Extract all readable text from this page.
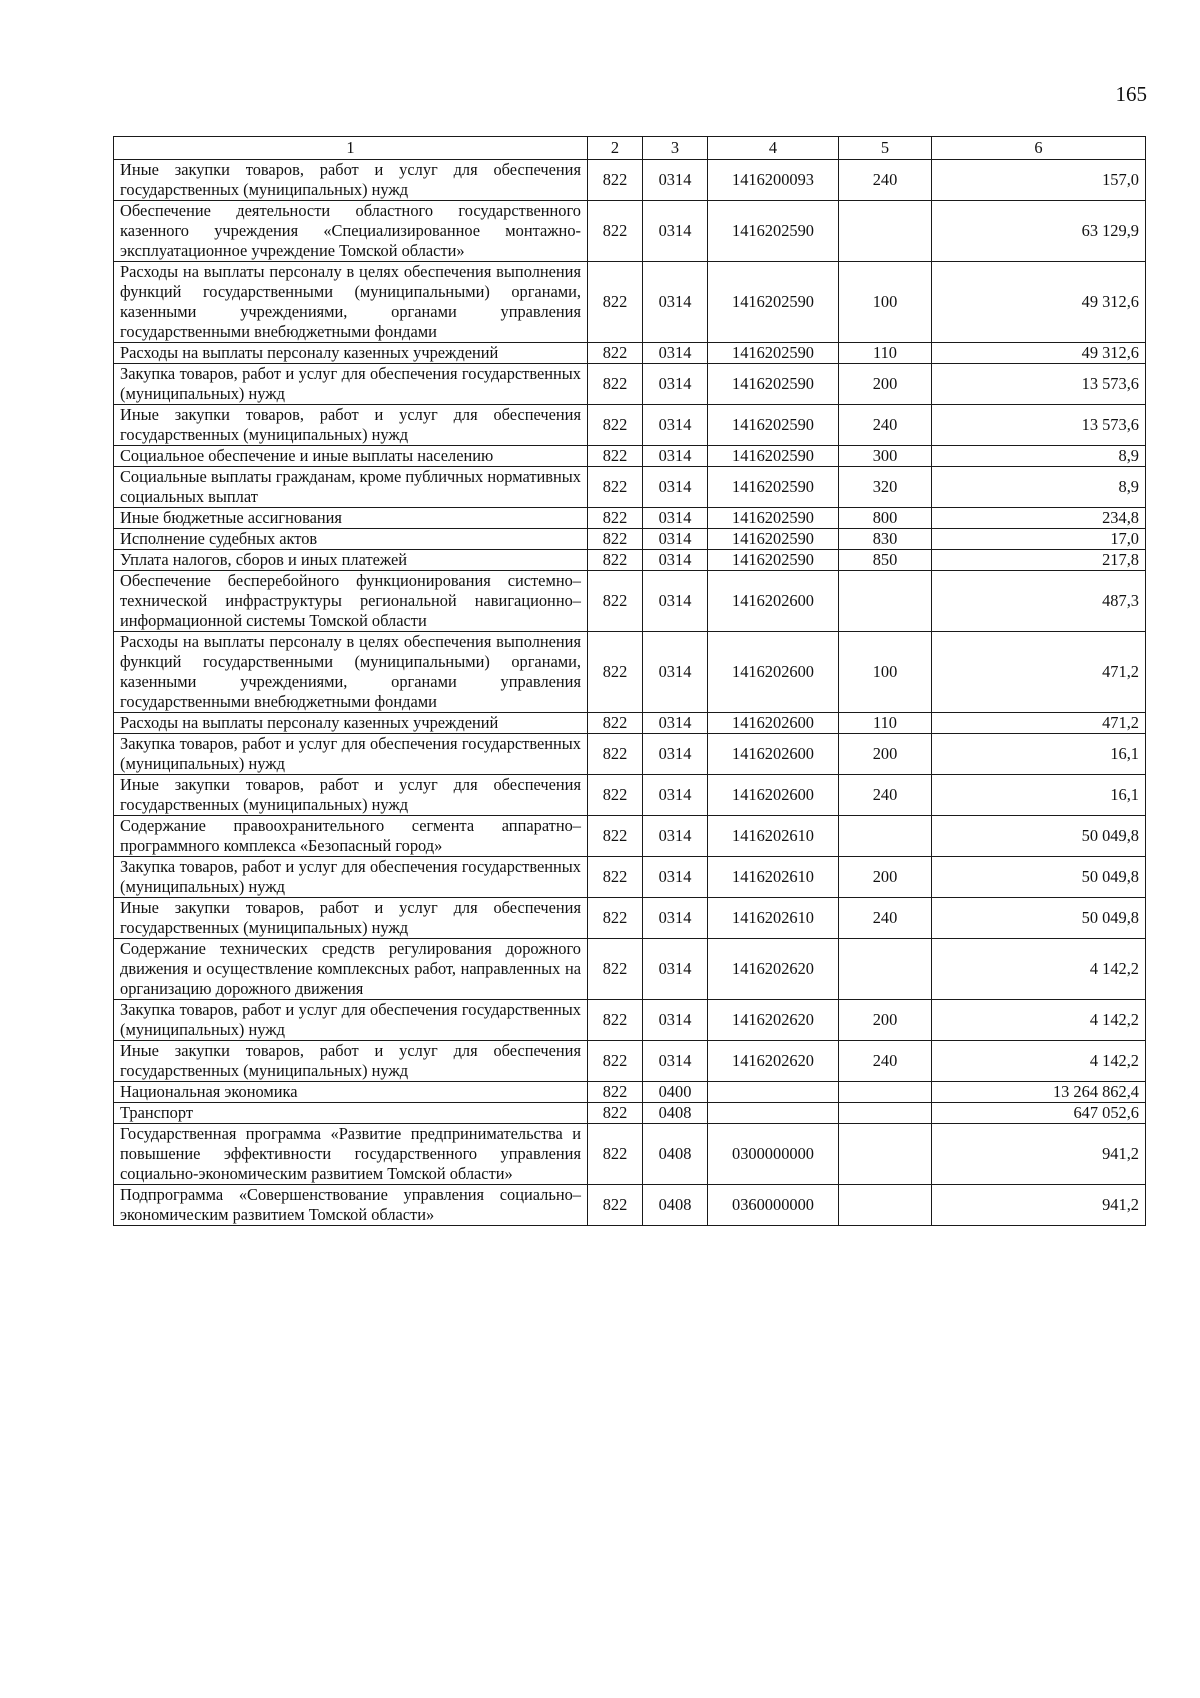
165
1	2	3	4	5	6
Иные закупки товаров, работ и услуг для обеспечения государственных (муниципальных) нужд	822	0314	1416200093	240	157,0
Обеспечение деятельности областного государственного казенного учреждения «Специализированное монтажно-эксплуатационное учреждение Томской области»	822	0314	1416202590		63 129,9
Расходы на выплаты персоналу в целях обеспечения выполнения функций государственными (муниципальными) органами, казенными учреждениями, органами управления государственными внебюджетными фондами	822	0314	1416202590	100	49 312,6
Расходы на выплаты персоналу казенных учреждений	822	0314	1416202590	110	49 312,6
Закупка товаров, работ и услуг для обеспечения государственных (муниципальных) нужд	822	0314	1416202590	200	13 573,6
Иные закупки товаров, работ и услуг для обеспечения государственных (муниципальных) нужд	822	0314	1416202590	240	13 573,6
Социальное обеспечение и иные выплаты населению	822	0314	1416202590	300	8,9
Социальные выплаты гражданам, кроме публичных нормативных социальных выплат	822	0314	1416202590	320	8,9
Иные бюджетные ассигнования	822	0314	1416202590	800	234,8
Исполнение судебных актов	822	0314	1416202590	830	17,0
Уплата налогов, сборов и иных платежей	822	0314	1416202590	850	217,8
Обеспечение бесперебойного функционирования системно–технической инфраструктуры региональной навигационно–информационной системы Томской области	822	0314	1416202600		487,3
Расходы на выплаты персоналу в целях обеспечения выполнения функций государственными (муниципальными) органами, казенными учреждениями, органами управления государственными внебюджетными фондами	822	0314	1416202600	100	471,2
Расходы на выплаты персоналу казенных учреждений	822	0314	1416202600	110	471,2
Закупка товаров, работ и услуг для обеспечения государственных (муниципальных) нужд	822	0314	1416202600	200	16,1
Иные закупки товаров, работ и услуг для обеспечения государственных (муниципальных) нужд	822	0314	1416202600	240	16,1
Содержание правоохранительного сегмента аппаратно–программного комплекса «Безопасный город»	822	0314	1416202610		50 049,8
Закупка товаров, работ и услуг для обеспечения государственных (муниципальных) нужд	822	0314	1416202610	200	50 049,8
Иные закупки товаров, работ и услуг для обеспечения государственных (муниципальных) нужд	822	0314	1416202610	240	50 049,8
Содержание технических средств регулирования дорожного движения и осуществление комплексных работ, направленных на организацию дорожного движения	822	0314	1416202620		4 142,2
Закупка товаров, работ и услуг для обеспечения государственных (муниципальных) нужд	822	0314	1416202620	200	4 142,2
Иные закупки товаров, работ и услуг для обеспечения государственных (муниципальных) нужд	822	0314	1416202620	240	4 142,2
Национальная экономика	822	0400			13 264 862,4
Транспорт	822	0408			647 052,6
Государственная программа «Развитие предпринимательства и повышение эффективности государственного управления социально-экономическим развитием Томской области»	822	0408	0300000000		941,2
Подпрограмма «Совершенствование управления социально–экономическим развитием Томской области»	822	0408	0360000000		941,2
